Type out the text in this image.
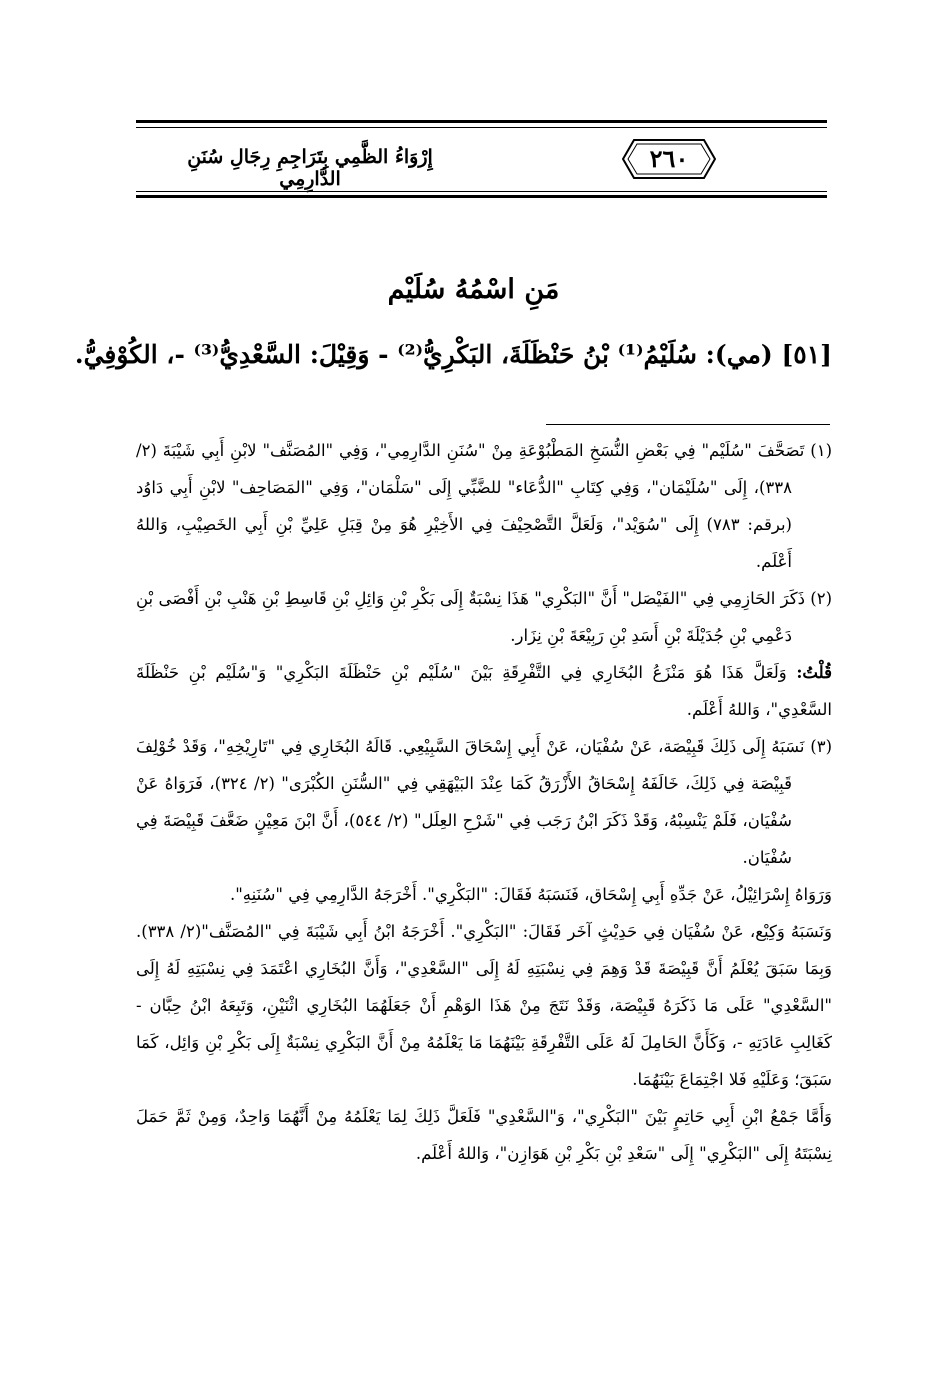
إِرْوَاءُ الظَّمِي بِتَرَاجِمِ رِجَالِ سُنَنِ الدَّارِمِي
٢٦٠
مَنِ اسْمُهُ سُلَيْم
[٥١] (مي): سُلَيْمُ⁽¹⁾ بْنُ حَنْظَلَةَ، البَكْرِيُّ⁽²⁾ - وَقِيْلَ: السَّعْدِيُّ⁽³⁾ -، الكُوْفِيُّ.

(١) تَصَحَّفَ "سُلَيْم" فِي بَعْضِ النُّسَخِ المَطْبُوْعَةِ مِنْ "سُنَنِ الدَّارِمِي"، وَفِي "المُصَنَّف" لابْنِ أَبِي شَيْبَةَ (٢/ ٣٣٨)، إِلَى "سُلَيْمَان"، وَفِي كِتَابِ "الدُّعَاء" للضَّبِّي إِلَى "سَلْمَان"، وَفِي "المَصَاحِف" لابْنِ أَبِي دَاوُد (برقم: ٧٨٣) إِلَى "سُوَيْد"، وَلَعَلَّ التَّصْحِيْفَ فِي الأَخِيْرِ هُوَ مِنْ قِبَلِ عَلِيِّ بْنِ أَبِي الخَصِيْبِ، وَاللهُ أَعْلَم.

(٢) ذَكَرَ الحَازِمِي فِي "الفَيْصَل" أَنَّ "البَكْرِي" هَذَا نِسْبَةٌ إِلَى بَكْرِ بْنِ وَائِلِ بْنِ قَاسِطِ بْنِ هَنْبِ بْنِ أَفْصَى بْنِ دَعْمِي بْنِ جُدَيْلَةَ بْنِ أَسَدِ بْنِ رَبِيْعَةَ بْنِ نِزَار.

قُلْتُ: وَلَعَلَّ هَذَا هُوَ مَنْزَعُ البُخَارِي فِي التَّفْرِقَةِ بَيْنَ "سُلَيْم بْنِ حَنْظَلَةَ البَكْرِي" وَ"سُلَيْم بْنِ حَنْظَلَةَ السَّعْدِي"، وَاللهُ أَعْلَم.

(٣) نَسَبَهُ إِلَى ذَلِكَ قَبِيْصَة، عَنْ سُفْيَان، عَنْ أَبِي إِسْحَاقَ السَّبِيْعِي. قَالَهُ البُخَارِي فِي "تَارِيْخِهِ"، وَقَدْ خُوْلِفَ قَبِيْصَة فِي ذَلِكَ، خَالَفَهُ إِسْحَاقُ الأَزْرَقُ كَمَا عِنْدَ البَيْهَقِي فِي "السُّنَنِ الكُبْرَى" (٢/ ٣٢٤)، فَرَوَاهُ عَنْ سُفْيَان، فَلَمْ يَنْسِبْهُ، وَقَدْ ذَكَرَ ابْنُ رَجَب فِي "شَرْحِ العِلَل" (٢/ ٥٤٤)، أَنَّ ابْنَ مَعِيْنٍ ضَعَّفَ قَبِيْصَةَ فِي سُفْيَان.

وَرَوَاهُ إِسْرَائِيْلُ، عَنْ جَدِّهِ أَبِي إِسْحَاق، فَنَسَبَهُ فَقَالَ: "البَكْرِي". أَخْرَجَهُ الدَّارِمِي فِي "سُنَنِهِ".

وَنَسَبَهُ وَكِيْع، عَنْ سُفْيَان فِي حَدِيْثٍ آخَر فَقَالَ: "البَكْرِي". أَخْرَجَهُ ابْنُ أَبِي شَيْبَةَ فِي "المُصَنَّف"(٢/ ٣٣٨). وَبِمَا سَبَقَ يُعْلَمُ أَنَّ قَبِيْصَةَ قَدْ وَهِمَ فِي نِسْبَتِهِ لَهُ إِلَى "السَّعْدِي"، وَأَنَّ البُخَارِي اعْتَمَدَ فِي نِسْبَتِهِ لَهُ إِلَى "السَّعْدِي" عَلَى مَا ذَكَرَهُ قَبِيْصَة، وَقَدْ نَتَجَ مِنْ هَذَا الوَهْمِ أَنْ جَعَلَهُمَا البُخَارِي اثْنَيْنِ، وَتَبِعَهُ ابْنُ حِبَّان - كَغَالِبِ عَادَتِهِ -، وَكَأَنَّ الحَامِلَ لَهُ عَلَى التَّفْرِقَةِ بَيْنَهُمَا مَا يَعْلَمُهُ مِنْ أَنَّ البَكْرِي نِسْبَةٌ إِلَى بَكْرِ بْنِ وَائِل، كَمَا سَبَقَ؛ وَعَلَيْهِ فَلا اجْتِمَاعَ بَيْنَهُمَا.

وَأَمَّا جَمْعُ ابْنِ أَبِي حَاتِمٍ بَيْنَ "البَكْرِي"، وَ"السَّعْدِي" فَلَعَلَّ ذَلِكَ لِمَا يَعْلَمُهُ مِنْ أَنَّهُمَا وَاحِدٌ، وَمِنْ ثَمَّ حَمَلَ نِسْبَتَهُ إِلَى "البَكْرِي" إِلَى "سَعْدِ بْنِ بَكْرِ بْنِ هَوَازِن"، وَاللهُ أَعْلَم.
